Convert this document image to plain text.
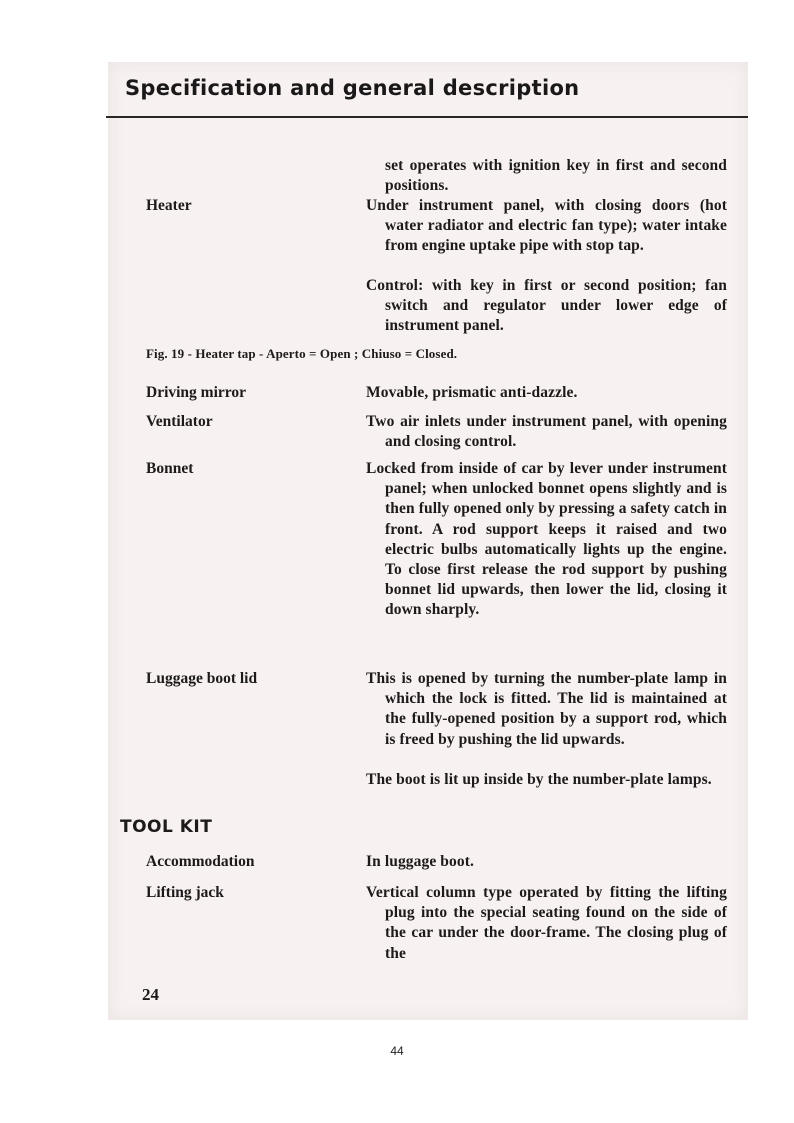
Specification and general description
set operates with ignition key in first and second positions.
Heater	Under instrument panel, with closing doors (hot water radiator and electric fan type); water intake from engine uptake pipe with stop tap.
Control: with key in first or second position; fan switch and regulator under lower edge of instrument panel.
Fig. 19 - Heater tap - Aperto = Open ; Chiuso = Closed.
Driving mirror	Movable, prismatic anti-dazzle.
Ventilator	Two air inlets under instrument panel, with opening and closing control.
Bonnet	Locked from inside of car by lever under instrument panel; when unlocked bonnet opens slightly and is then fully opened only by pressing a safety catch in front. A rod support keeps it raised and two electric bulbs automatically lights up the engine. To close first release the rod support by pushing bonnet lid upwards, then lower the lid, closing it down sharply.
Luggage boot lid	This is opened by turning the number-plate lamp in which the lock is fitted. The lid is maintained at the fully-opened position by a support rod, which is freed by pushing the lid upwards.
The boot is lit up inside by the number-plate lamps.
TOOL KIT
Accommodation	In luggage boot.
Lifting jack	Vertical column type operated by fitting the lifting plug into the special seating found on the side of the car under the door-frame. The closing plug of the
24
44
